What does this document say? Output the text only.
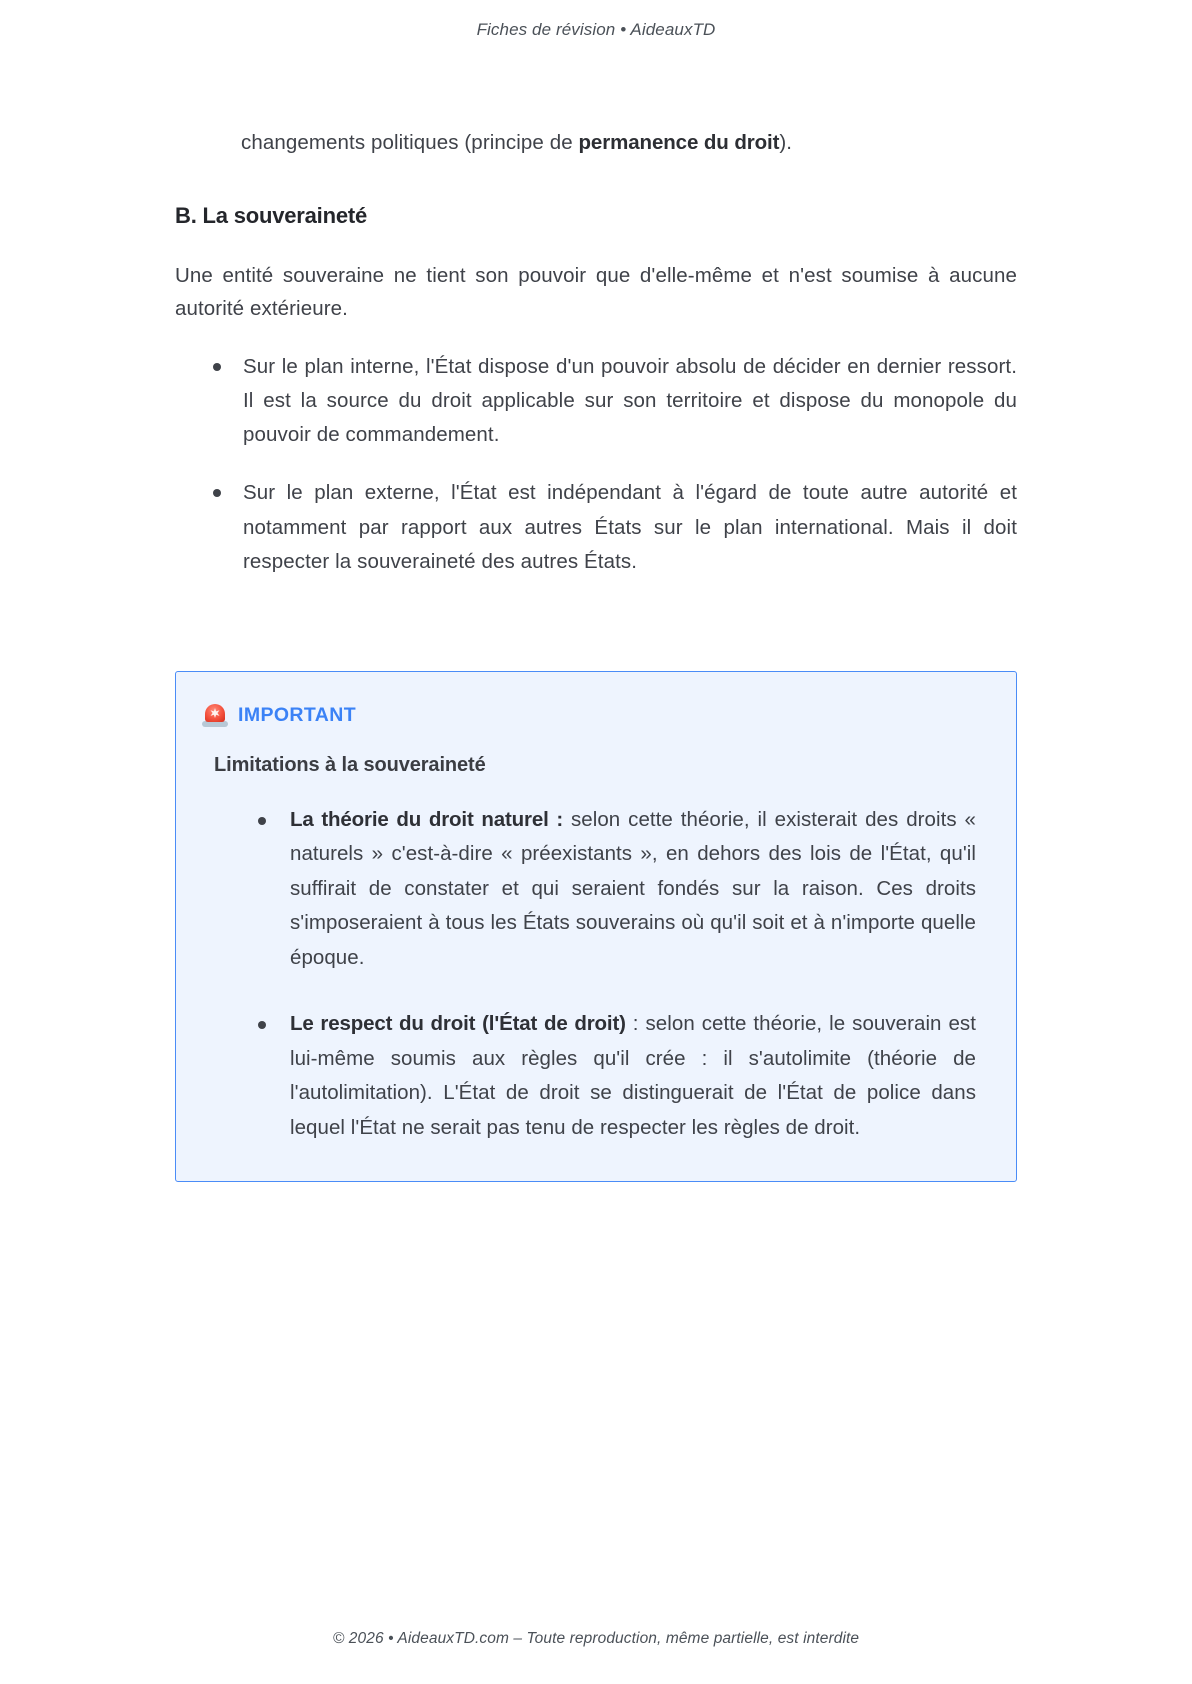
Fiches de révision • AideauxTD

changements politiques (principe de permanence du droit).

B. La souveraineté

Une entité souveraine ne tient son pouvoir que d'elle-même et n'est soumise à aucune autorité extérieure.

Sur le plan interne, l'État dispose d'un pouvoir absolu de décider en dernier ressort. Il est la source du droit applicable sur son territoire et dispose du monopole du pouvoir de commandement.
Sur le plan externe, l'État est indépendant à l'égard de toute autre autorité et notamment par rapport aux autres États sur le plan international. Mais il doit respecter la souveraineté des autres États.
IMPORTANT
Limitations à la souveraineté
La théorie du droit naturel : selon cette théorie, il existerait des droits « naturels » c'est-à-dire « préexistants », en dehors des lois de l'État, qu'il suffirait de constater et qui seraient fondés sur la raison. Ces droits s'imposeraient à tous les États souverains où qu'il soit et à n'importe quelle époque.
Le respect du droit (l'État de droit) : selon cette théorie, le souverain est lui-même soumis aux règles qu'il crée : il s'autolimite (théorie de l'autolimitation). L'État de droit se distinguerait de l'État de police dans lequel l'État ne serait pas tenu de respecter les règles de droit.
© 2026 • AideauxTD.com – Toute reproduction, même partielle, est interdite
